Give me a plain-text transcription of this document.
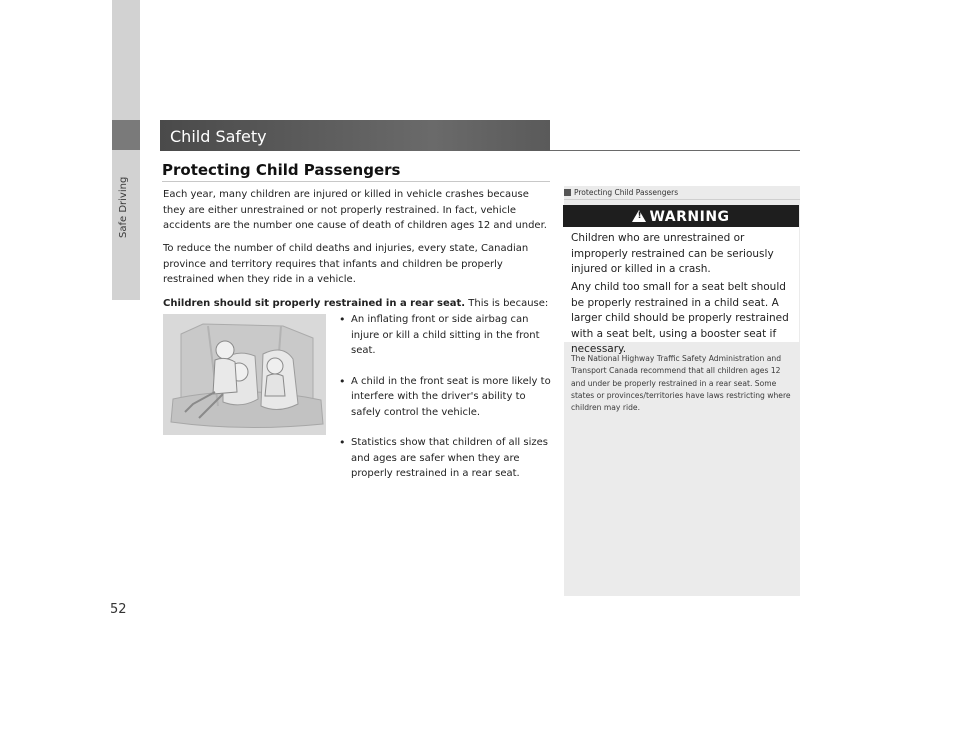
Safe Driving
52
Child Safety
Protecting Child Passengers

Each year, many children are injured or killed in vehicle crashes because they are either unrestrained or not properly restrained. In fact, vehicle accidents are the number one cause of death of children ages 12 and under.

To reduce the number of child deaths and injuries, every state, Canadian province and territory requires that infants and children be properly restrained when they ride in a vehicle.

Children should sit properly restrained in a rear seat. This is because:

• An inflating front or side airbag can injure or kill a child sitting in the front seat.
• A child in the front seat is more likely to interfere with the driver's ability to safely control the vehicle.
• Statistics show that children of all sizes and ages are safer when they are properly restrained in a rear seat.
Protecting Child Passengers
!WARNING

Children who are unrestrained or improperly restrained can be seriously injured or killed in a crash.

Any child too small for a seat belt should be properly restrained in a child seat. A larger child should be properly restrained with a seat belt, using a booster seat if necessary.

The National Highway Traffic Safety Administration and Transport Canada recommend that all children ages 12 and under be properly restrained in a rear seat. Some states or provinces/territories have laws restricting where children may ride.
